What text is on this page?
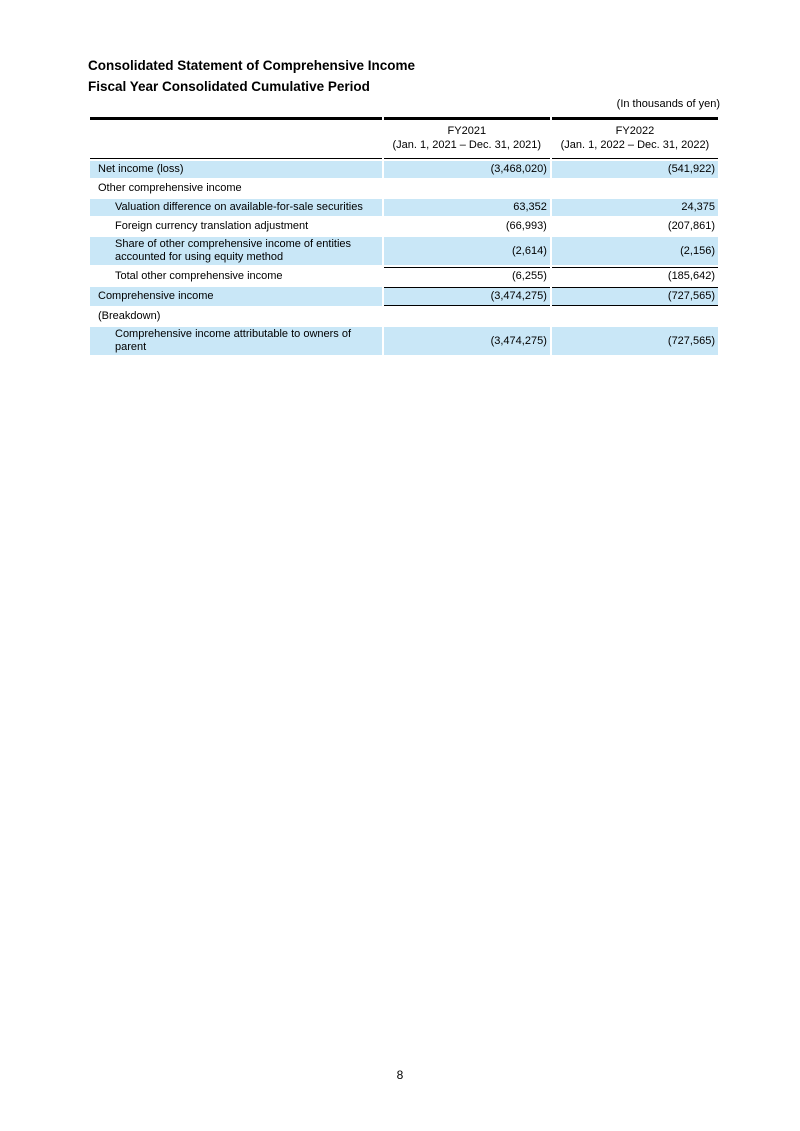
Consolidated Statement of Comprehensive Income
Fiscal Year Consolidated Cumulative Period
(In thousands of yen)

FY2021
(Jan. 1, 2021 – Dec. 31, 2021)

FY2022
(Jan. 1, 2022 – Dec. 31, 2022)

Net income (loss)	(3,468,020)	(541,922)
Other comprehensive income		
Valuation difference on available-for-sale securities	63,352	24,375
Foreign currency translation adjustment	(66,993)	(207,861)
Share of other comprehensive income of entities accounted for using equity method	(2,614)	(2,156)
Total other comprehensive income	(6,255)	(185,642)
Comprehensive income	(3,474,275)	(727,565)
(Breakdown)		
Comprehensive income attributable to owners of parent	(3,474,275)	(727,565)
8
